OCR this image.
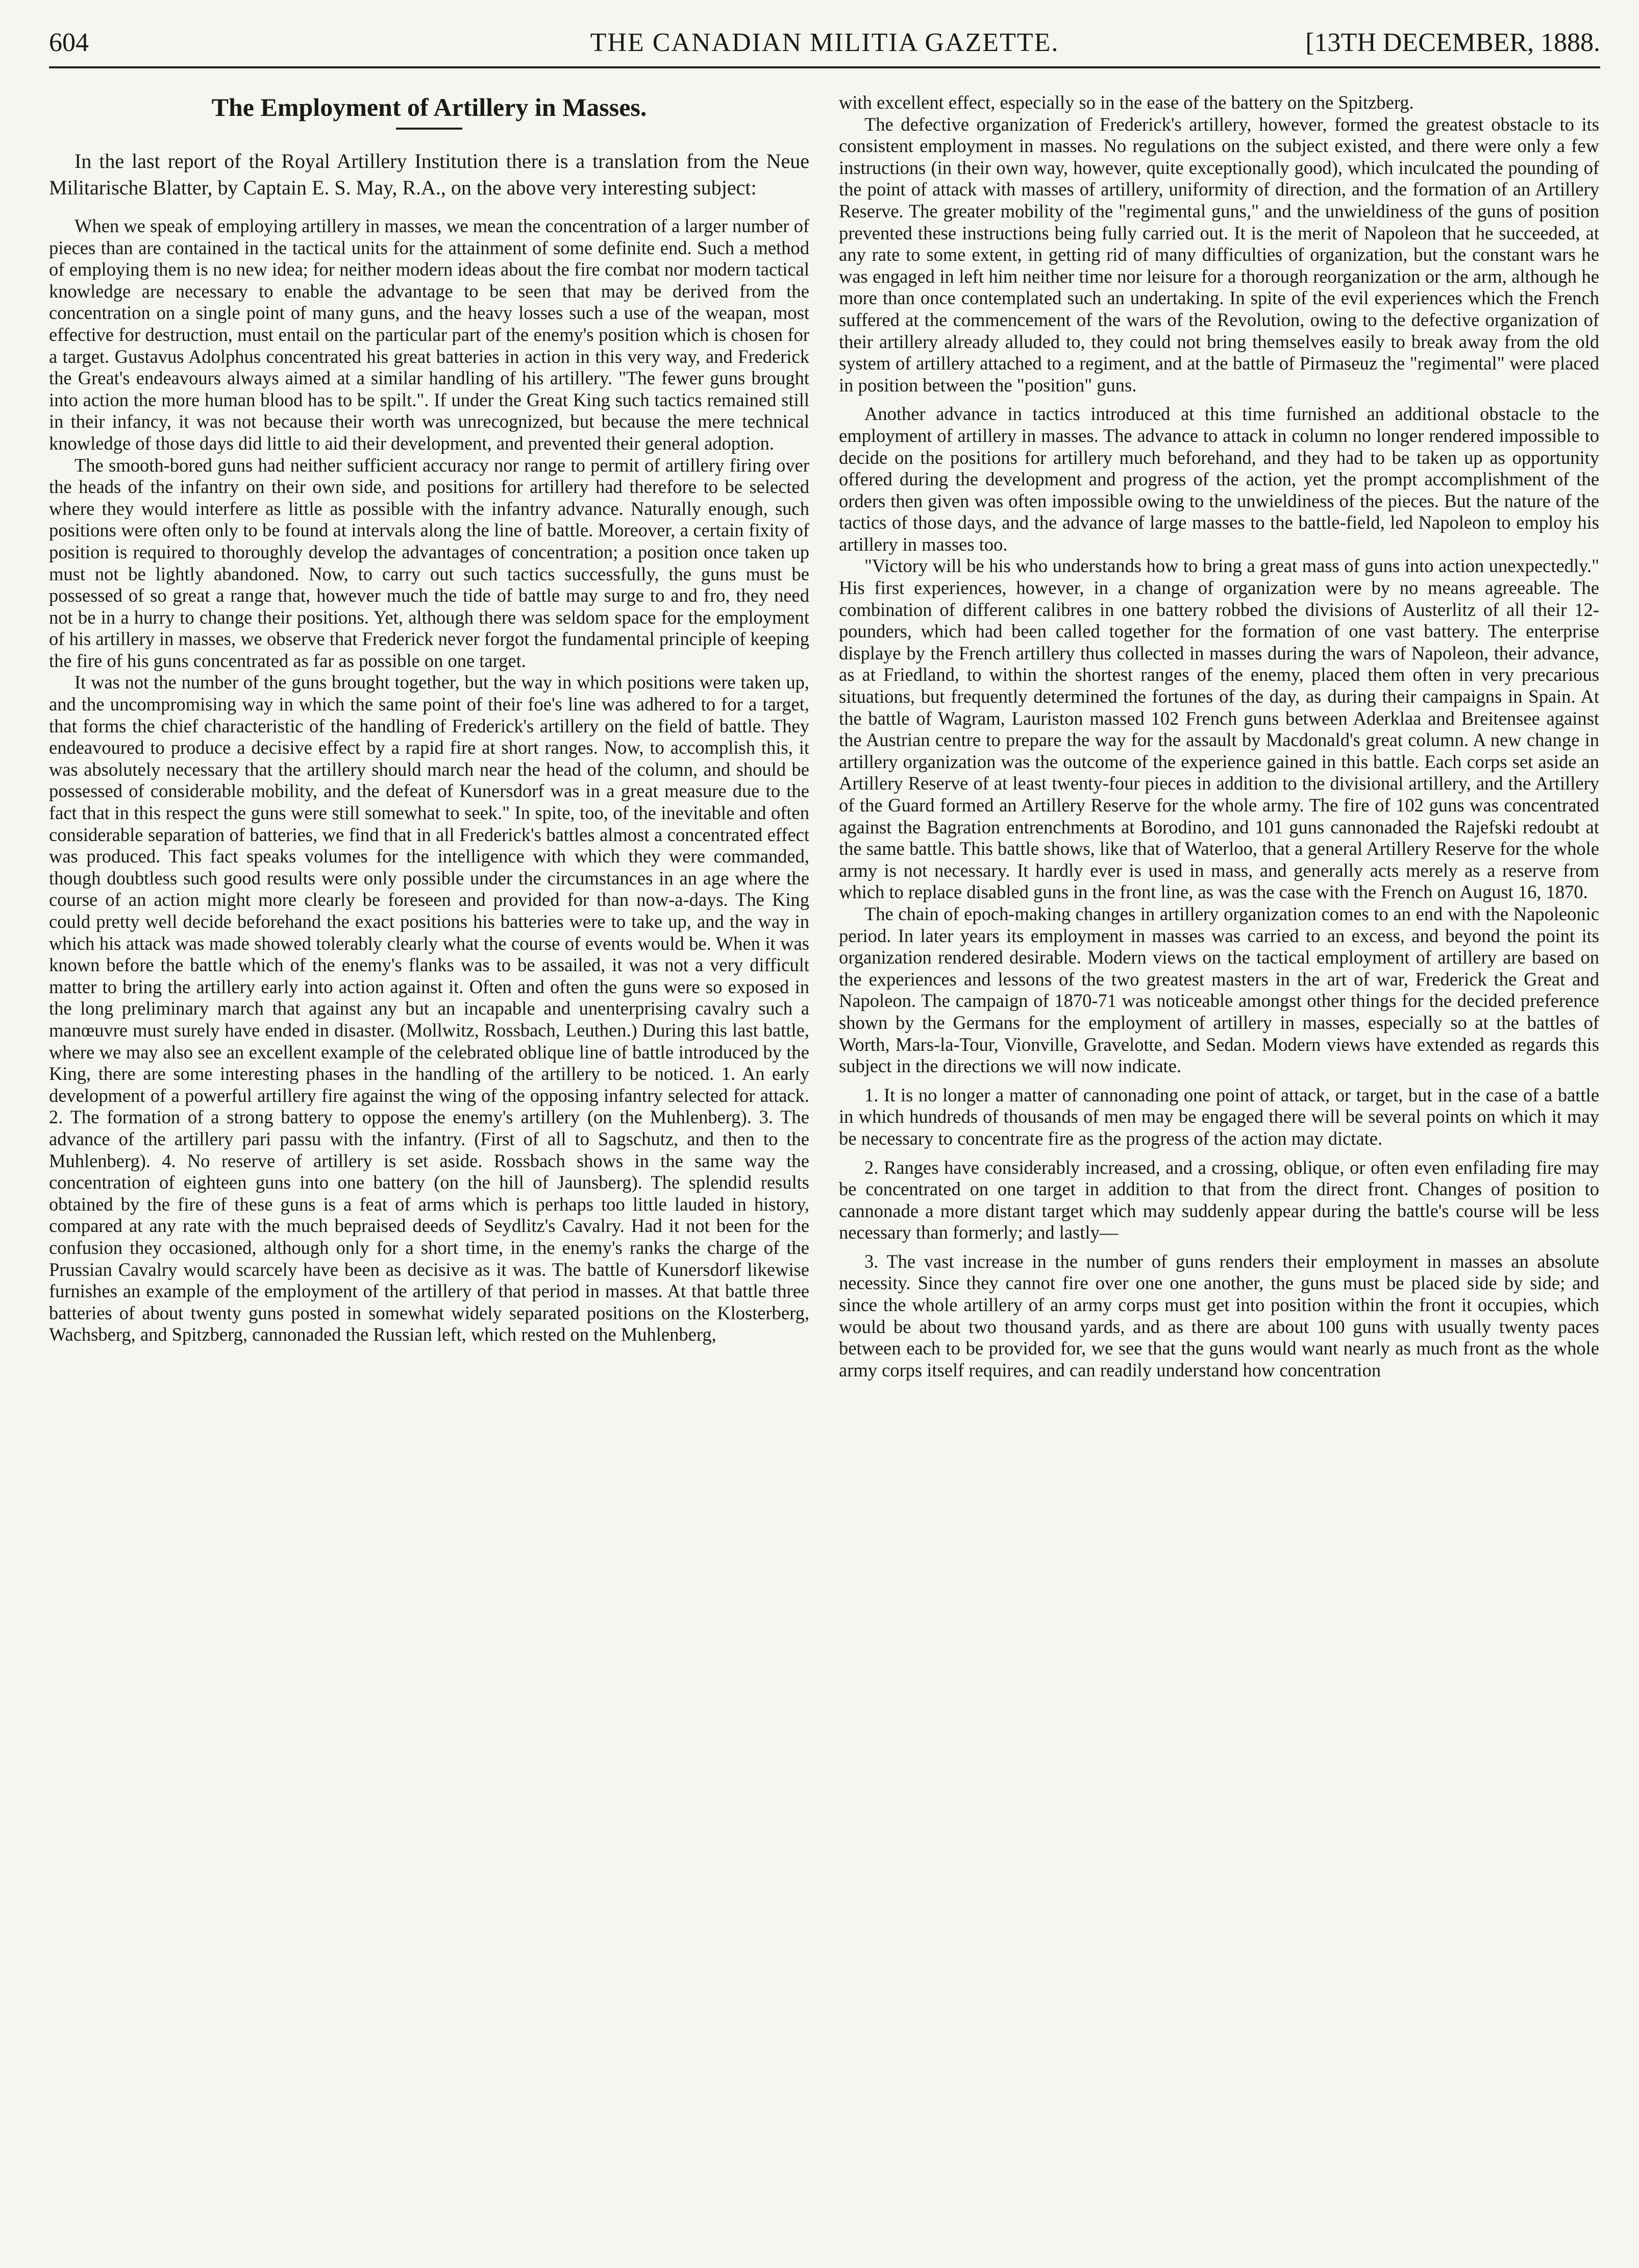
THE CANADIAN MILITIA GAZETTE.
604	[13TH DECEMBER, 1888.
The Employment of Artillery in Masses.

In the last report of the Royal Artillery Institution there is a translation from the Neue Militarische Blatter, by Captain E. S. May, R.A., on the above very interesting subject:

When we speak of employing artillery in masses, we mean the concentration of a larger number of pieces than are contained in the tactical units for the attainment of some definite end. Such a method of employing them is no new idea; for neither modern ideas about the fire combat nor modern tactical knowledge are necessary to enable the advantage to be seen that may be derived from the concentration on a single point of many guns, and the heavy losses such a use of the weapan, most effective for destruction, must entail on the particular part of the enemy's position which is chosen for a target. Gustavus Adolphus concentrated his great batteries in action in this very way, and Frederick the Great's endeavours always aimed at a similar handling of his artillery. "The fewer guns brought into action the more human blood has to be spilt.". If under the Great King such tactics remained still in their infancy, it was not because their worth was unrecognized, but because the mere technical knowledge of those days did little to aid their development, and prevented their general adoption.

The smooth-bored guns had neither sufficient accuracy nor range to permit of artillery firing over the heads of the infantry on their own side, and positions for artillery had therefore to be selected where they would interfere as little as possible with the infantry advance. Naturally enough, such positions were often only to be found at intervals along the line of battle. Moreover, a certain fixity of position is required to thoroughly develop the advantages of concentration; a position once taken up must not be lightly abandoned. Now, to carry out such tactics successfully, the guns must be possessed of so great a range that, however much the tide of battle may surge to and fro, they need not be in a hurry to change their positions. Yet, although there was seldom space for the employment of his artillery in masses, we observe that Frederick never forgot the fundamental principle of keeping the fire of his guns concentrated as far as possible on one target.

It was not the number of the guns brought together, but the way in which positions were taken up, and the uncompromising way in which the same point of their foe's line was adhered to for a target, that forms the chief characteristic of the handling of Frederick's artillery on the field of battle. They endeavoured to produce a decisive effect by a rapid fire at short ranges. Now, to accomplish this, it was absolutely necessary that the artillery should march near the head of the column, and should be possessed of considerable mobility, and the defeat of Kunersdorf was in a great measure due to the fact that in this respect the guns were still somewhat to seek." In spite, too, of the inevitable and often considerable separation of batteries, we find that in all Frederick's battles almost a concentrated effect was produced. This fact speaks volumes for the intelligence with which they were commanded, though doubtless such good results were only possible under the circumstances in an age where the course of an action might more clearly be foreseen and provided for than now-a-days. The King could pretty well decide beforehand the exact positions his batteries were to take up, and the way in which his attack was made showed tolerably clearly what the course of events would be. When it was known before the battle which of the enemy's flanks was to be assailed, it was not a very difficult matter to bring the artillery early into action against it. Often and often the guns were so exposed in the long preliminary march that against any but an incapable and unenterprising cavalry such a manœuvre must surely have ended in disaster. (Mollwitz, Rossbach, Leuthen.) During this last battle, where we may also see an excellent example of the celebrated oblique line of battle introduced by the King, there are some interesting phases in the handling of the artillery to be noticed. 1. An early development of a powerful artillery fire against the wing of the opposing infantry selected for attack. 2. The formation of a strong battery to oppose the enemy's artillery (on the Muhlenberg). 3. The advance of the artillery pari passu with the infantry. (First of all to Sagschutz, and then to the Muhlenberg). 4. No reserve of artillery is set aside. Rossbach shows in the same way the concentration of eighteen guns into one battery (on the hill of Jaunsberg). The splendid results obtained by the fire of these guns is a feat of arms which is perhaps too little lauded in history, compared at any rate with the much bepraised deeds of Seydlitz's Cavalry. Had it not been for the confusion they occasioned, although only for a short time, in the enemy's ranks the charge of the Prussian Cavalry would scarcely have been as decisive as it was. The battle of Kunersdorf likewise furnishes an example of the employment of the artillery of that period in masses. At that battle three batteries of about twenty guns posted in somewhat widely separated positions on the Klosterberg, Wachsberg, and Spitzberg, cannonaded the Russian left, which rested on the Muhlenberg,

with excellent effect, especially so in the ease of the battery on the Spitzberg.

The defective organization of Frederick's artillery, however, formed the greatest obstacle to its consistent employment in masses. No regulations on the subject existed, and there were only a few instructions (in their own way, however, quite exceptionally good), which inculcated the pounding of the point of attack with masses of artillery, uniformity of direction, and the formation of an Artillery Reserve. The greater mobility of the "regimental guns," and the unwieldiness of the guns of position prevented these instructions being fully carried out. It is the merit of Napoleon that he succeeded, at any rate to some extent, in getting rid of many difficulties of organization, but the constant wars he was engaged in left him neither time nor leisure for a thorough reorganization or the arm, although he more than once contemplated such an undertaking. In spite of the evil experiences which the French suffered at the commencement of the wars of the Revolution, owing to the defective organization of their artillery already alluded to, they could not bring themselves easily to break away from the old system of artillery attached to a regiment, and at the battle of Pirmaseuz the "regimental" were placed in position between the "position" guns.

Another advance in tactics introduced at this time furnished an additional obstacle to the employment of artillery in masses. The advance to attack in column no longer rendered impossible to decide on the positions for artillery much beforehand, and they had to be taken up as opportunity offered during the development and progress of the action, yet the prompt accomplishment of the orders then given was often impossible owing to the unwieldiness of the pieces. But the nature of the tactics of those days, and the advance of large masses to the battle-field, led Napoleon to employ his artillery in masses too.

"Victory will be his who understands how to bring a great mass of guns into action unexpectedly." His first experiences, however, in a change of organization were by no means agreeable. The combination of different calibres in one battery robbed the divisions of Austerlitz of all their 12-pounders, which had been called together for the formation of one vast battery. The enterprise displaye by the French artillery thus collected in masses during the wars of Napoleon, their advance, as at Friedland, to within the shortest ranges of the enemy, placed them often in very precarious situations, but frequently determined the fortunes of the day, as during their campaigns in Spain. At the battle of Wagram, Lauriston massed 102 French guns between Aderklaa and Breitensee against the Austrian centre to prepare the way for the assault by Macdonald's great column. A new change in artillery organization was the outcome of the experience gained in this battle. Each corps set aside an Artillery Reserve of at least twenty-four pieces in addition to the divisional artillery, and the Artillery of the Guard formed an Artillery Reserve for the whole army. The fire of 102 guns was concentrated against the Bagration entrenchments at Borodino, and 101 guns cannonaded the Rajefski redoubt at the same battle. This battle shows, like that of Waterloo, that a general Artillery Reserve for the whole army is not necessary. It hardly ever is used in mass, and generally acts merely as a reserve from which to replace disabled guns in the front line, as was the case with the French on August 16, 1870.

The chain of epoch-making changes in artillery organization comes to an end with the Napoleonic period. In later years its employment in masses was carried to an excess, and beyond the point its organization rendered desirable. Modern views on the tactical employment of artillery are based on the experiences and lessons of the two greatest masters in the art of war, Frederick the Great and Napoleon. The campaign of 1870-71 was noticeable amongst other things for the decided preference shown by the Germans for the employment of artillery in masses, especially so at the battles of Worth, Mars-la-Tour, Vionville, Gravelotte, and Sedan. Modern views have extended as regards this subject in the directions we will now indicate.

1. It is no longer a matter of cannonading one point of attack, or target, but in the case of a battle in which hundreds of thousands of men may be engaged there will be several points on which it may be necessary to concentrate fire as the progress of the action may dictate.

2. Ranges have considerably increased, and a crossing, oblique, or often even enfilading fire may be concentrated on one target in addition to that from the direct front. Changes of position to cannonade a more distant target which may suddenly appear during the battle's course will be less necessary than formerly; and lastly—

3. The vast increase in the number of guns renders their employment in masses an absolute necessity. Since they cannot fire over one one another, the guns must be placed side by side; and since the whole artillery of an army corps must get into position within the front it occupies, which would be about two thousand yards, and as there are about 100 guns with usually twenty paces between each to be provided for, we see that the guns would want nearly as much front as the whole army corps itself requires, and can readily understand how concentration
